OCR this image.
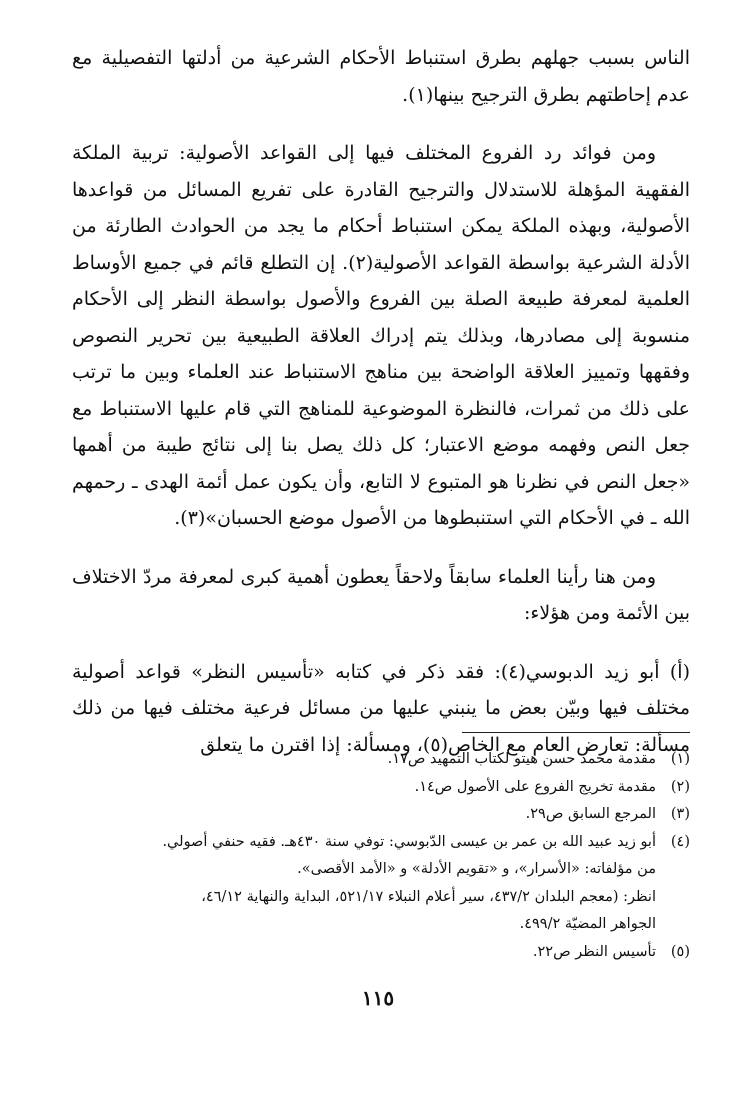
الناس بسبب جهلهم بطرق استنباط الأحكام الشرعية من أدلتها التفصيلية مع عدم إحاطتهم بطرق الترجيح بينها(١).

ومن فوائد رد الفروع المختلف فيها إلى القواعد الأصولية: تربية الملكة الفقهية المؤهلة للاستدلال والترجيح القادرة على تفريع المسائل من قواعدها الأصولية، وبهذه الملكة يمكن استنباط أحكام ما يجد من الحوادث الطارئة من الأدلة الشرعية بواسطة القواعد الأصولية(٢). إن التطلع قائم في جميع الأوساط العلمية لمعرفة طبيعة الصلة بين الفروع والأصول بواسطة النظر إلى الأحكام منسوبة إلى مصادرها، وبذلك يتم إدراك العلاقة الطبيعية بين تحرير النصوص وفقهها وتمييز العلاقة الواضحة بين مناهج الاستنباط عند العلماء وبين ما ترتب على ذلك من ثمرات، فالنظرة الموضوعية للمناهج التي قام عليها الاستنباط مع جعل النص وفهمه موضع الاعتبار؛ كل ذلك يصل بنا إلى نتائج طيبة من أهمها «جعل النص في نظرنا هو المتبوع لا التابع، وأن يكون عمل أئمة الهدى ـ رحمهم الله ـ في الأحكام التي استنبطوها من الأصول موضع الحسبان»(٣).

ومن هنا رأينا العلماء سابقاً ولاحقاً يعطون أهمية كبرى لمعرفة مردّ الاختلاف بين الأئمة ومن هؤلاء:

(أ) أبو زيد الدبوسي(٤): فقد ذكر في كتابه «تأسيس النظر» قواعد أصولية مختلف فيها وبيّن بعض ما ينبني عليها من مسائل فرعية مختلف فيها من ذلك مسألة: تعارض العام مع الخاص(٥)، ومسألة: إذا اقترن ما يتعلق

(١)
مقدمة محمد حسن هيتو لكتاب التمهيد ص١٧.
(٢)
مقدمة تخريج الفروع على الأصول ص١٤.
(٣)
المرجع السابق ص٢٩.
(٤)
أبو زيد عبيد الله بن عمر بن عيسى الدّبوسي: توفي سنة ٤٣٠هـ. فقيه حنفي أصولي.
من مؤلفاته: «الأسرار»، و «تقويم الأدلة» و «الأمد الأقصى».
انظر: (معجم البلدان ٤٣٧/٢، سير أعلام النبلاء ٥٢١/١٧، البداية والنهاية ٤٦/١٢،
الجواهر المضيّة ٤٩٩/٢.
(٥)
تأسيس النظر ص٢٢.
١١٥
